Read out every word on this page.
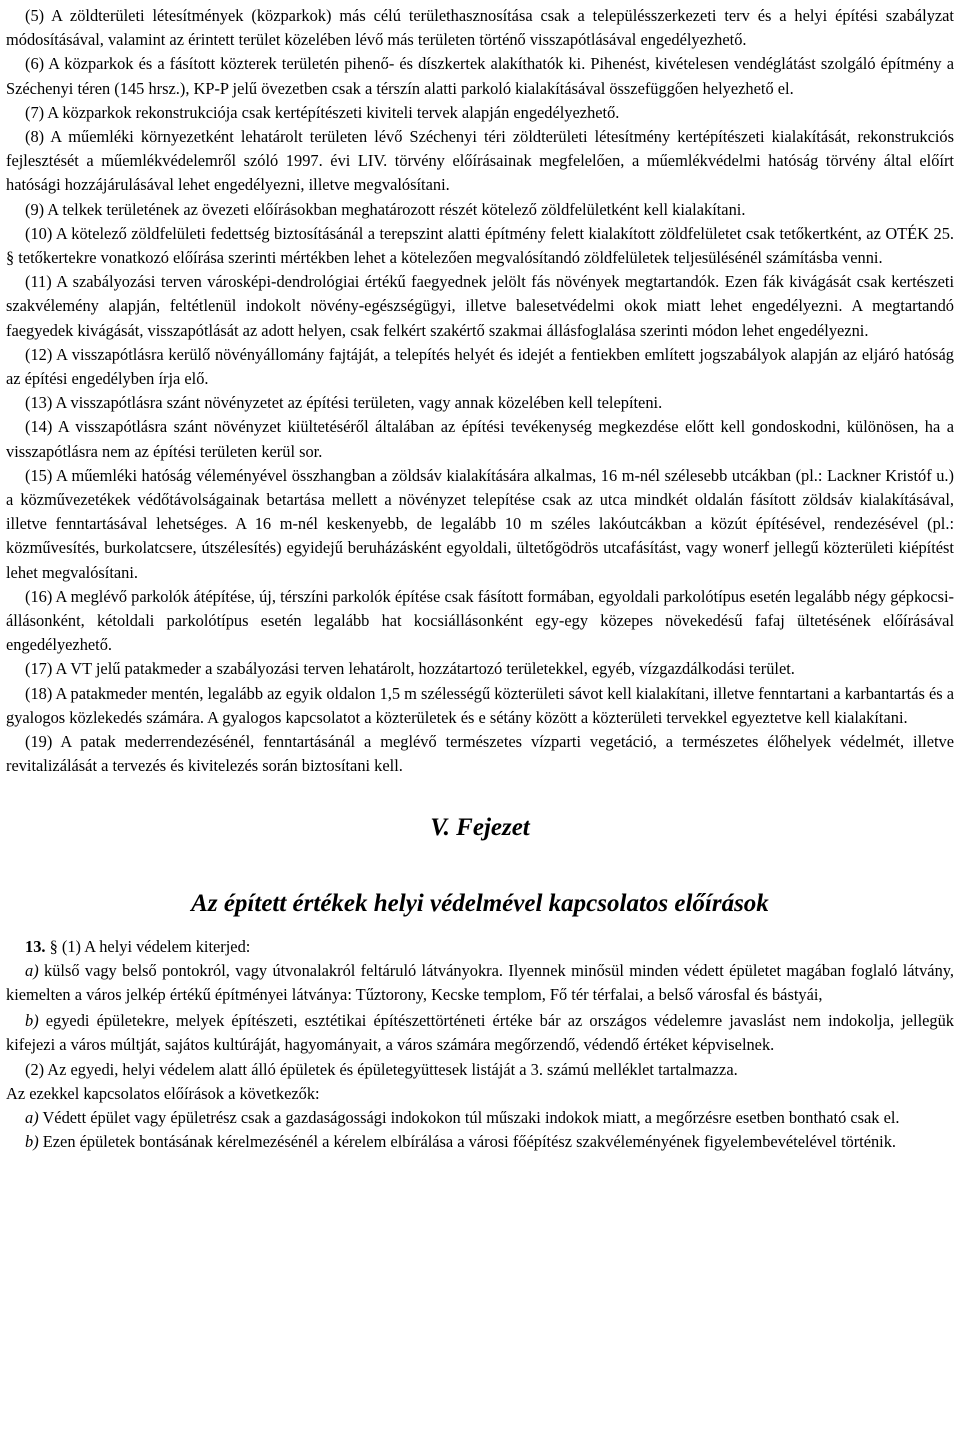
(5) A zöldterületi létesítmények (közparkok) más célú területhasznosítása csak a településszerkezeti terv és a helyi építési szabályzat módosításával, valamint az érintett terület közelében lévő más területen történő visszapótlásával engedélyezhető.

(6) A közparkok és a fásított közterek területén pihenő- és díszkertek alakíthatók ki. Pihenést, kivételesen vendéglátást szolgáló építmény a Széchenyi téren (145 hrsz.), KP-P jelű övezetben csak a térszín alatti parkoló kialakításával összefüggően helyezhető el.

(7) A közparkok rekonstrukciója csak kertépítészeti kiviteli tervek alapján engedélyezhető.

(8) A műemléki környezetként lehatárolt területen lévő Széchenyi téri zöldterületi létesítmény kertépítészeti kialakítását, rekonstrukciós fejlesztését a műemlékvédelemről szóló 1997. évi LIV. törvény előírásainak megfelelően, a műemlékvédelmi hatóság törvény által előírt hatósági hozzájárulásával lehet engedélyezni, illetve megvalósítani.

(9) A telkek területének az övezeti előírásokban meghatározott részét kötelező zöldfelületként kell kialakítani.

(10) A kötelező zöldfelületi fedettség biztosításánál a terepszint alatti építmény felett kialakított zöldfelületet csak tetőkertként, az OTÉK 25. § tetőkertekre vonatkozó előírása szerinti mértékben lehet a kötelezően megvalósítandó zöldfelületek teljesülésénél számításba venni.

(11) A szabályozási terven városképi-dendrológiai értékű faegyednek jelölt fás növények megtartandók. Ezen fák kivágását csak kertészeti szakvélemény alapján, feltétlenül indokolt növény-egészségügyi, illetve balesetvédelmi okok miatt lehet engedélyezni. A megtartandó faegyedek kivágását, visszapótlását az adott helyen, csak felkért szakértő szakmai állásfoglalása szerinti módon lehet engedélyezni.

(12) A visszapótlásra kerülő növényállomány fajtáját, a telepítés helyét és idejét a fentiekben említett jogszabályok alapján az eljáró hatóság az építési engedélyben írja elő.

(13) A visszapótlásra szánt növényzetet az építési területen, vagy annak közelében kell telepíteni.

(14) A visszapótlásra szánt növényzet kiültetéséről általában az építési tevékenység megkezdése előtt kell gondoskodni, különösen, ha a visszapótlásra nem az építési területen kerül sor.

(15) A műemléki hatóság véleményével összhangban a zöldsáv kialakítására alkalmas, 16 m-nél szélesebb utcákban (pl.: Lackner Kristóf u.) a közművezetékek védőtávolságainak betartása mellett a növényzet telepítése csak az utca mindkét oldalán fásított zöldsáv kialakításával, illetve fenntartásával lehetséges. A 16 m-nél keskenyebb, de legalább 10 m széles lakóutcákban a közút építésével, rendezésével (pl.: közművesítés, burkolatcsere, útszélesítés) egyidejű beruházásként egyoldali, ültetőgödrös utcafásítást, vagy wonerf jellegű közterületi kiépítést lehet megvalósítani.

(16) A meglévő parkolók átépítése, új, térszíni parkolók építése csak fásított formában, egyoldali parkolótípus esetén legalább négy gépkocsi-állásonként, kétoldali parkolótípus esetén legalább hat kocsiállásonként egy-egy közepes növekedésű fafaj ültetésének előírásával engedélyezhető.

(17) A VT jelű patakmeder a szabályozási terven lehatárolt, hozzátartozó területekkel, egyéb, vízgazdálkodási terület.

(18) A patakmeder mentén, legalább az egyik oldalon 1,5 m szélességű közterületi sávot kell kialakítani, illetve fenntartani a karbantartás és a gyalogos közlekedés számára. A gyalogos kapcsolatot a közterületek és e sétány között a közterületi tervekkel egyeztetve kell kialakítani.

(19) A patak mederrendezésénél, fenntartásánál a meglévő természetes vízparti vegetáció, a természetes élőhelyek védelmét, illetve revitalizálását a tervezés és kivitelezés során biztosítani kell.

V. Fejezet
Az épített értékek helyi védelmével kapcsolatos előírások

13. § (1) A helyi védelem kiterjed:

a) külső vagy belső pontokról, vagy útvonalakról feltáruló látványokra. Ilyennek minősül minden védett épületet magában foglaló látvány, kiemelten a város jelkép értékű építményei látványa: Tűztorony, Kecske templom, Fő tér térfalai, a belső városfal és bástyái,

b) egyedi épületekre, melyek építészeti, esztétikai építészettörténeti értéke bár az országos védelemre javaslást nem indokolja, jellegük kifejezi a város múltját, sajátos kultúráját, hagyományait, a város számára megőrzendő, védendő értéket képviselnek.

(2) Az egyedi, helyi védelem alatt álló épületek és épületegyüttesek listáját a 3. számú melléklet tartalmazza.

Az ezekkel kapcsolatos előírások a következők:

a) Védett épület vagy épületrész csak a gazdaságossági indokokon túl műszaki indokok miatt, a megőrzésre esetben bontható csak el.

b) Ezen épületek bontásának kérelmezésénél a kérelem elbírálása a városi főépítész szakvéleményének figyelembevételével történik.
